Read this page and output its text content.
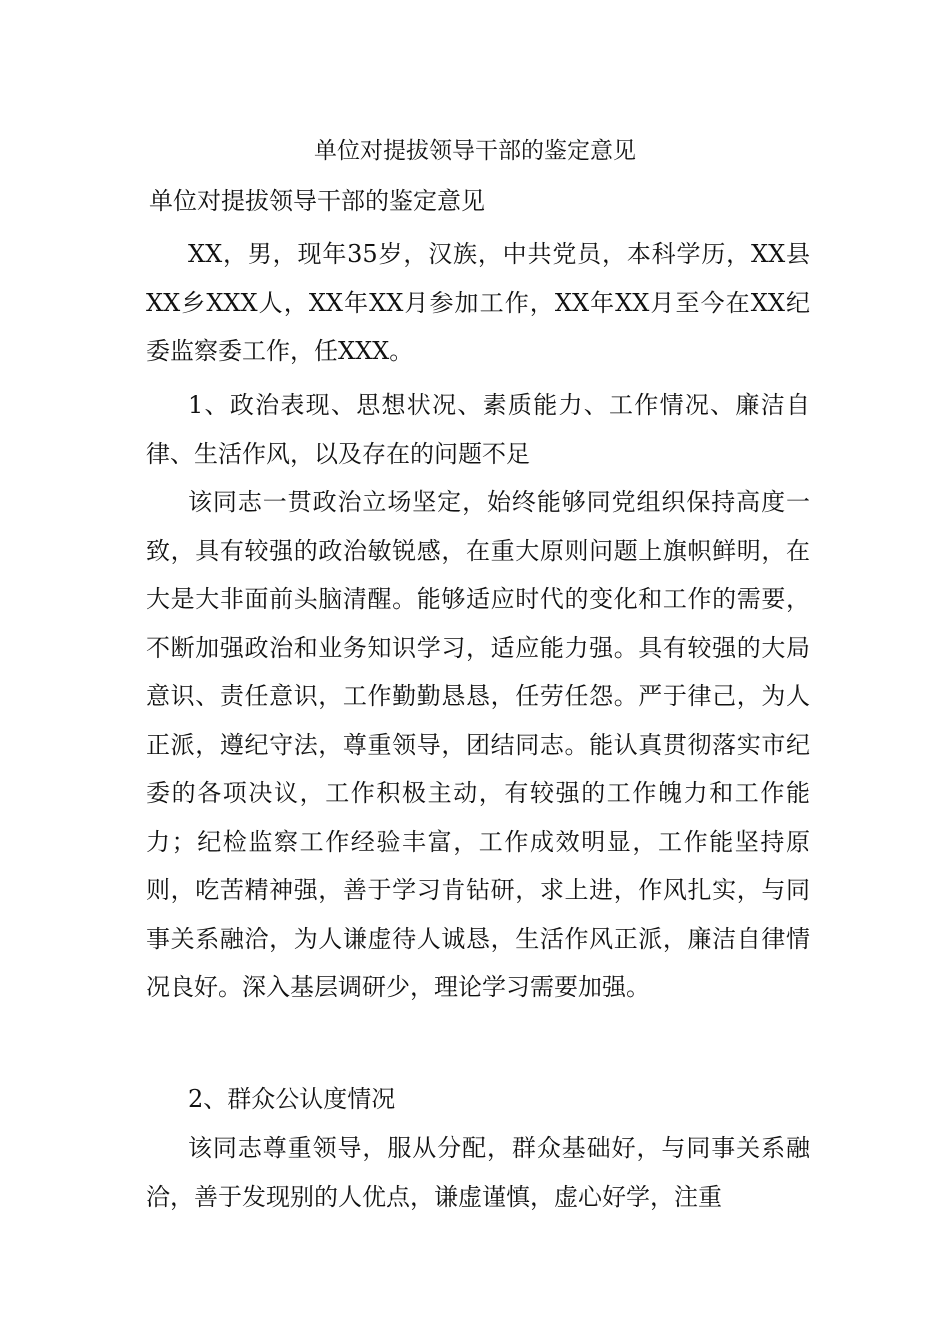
单位对提拔领导干部的鉴定意见
单位对提拔领导干部的鉴定意见

XX，男，现年35岁，汉族，中共党员，本科学历，XX县XX乡XXX人，XX年XX月参加工作，XX年XX月至今在XX纪委监察委工作，任XXX。

1、政治表现、思想状况、素质能力、工作情况、廉洁自律、生活作风，以及存在的问题不足

该同志一贯政治立场坚定，始终能够同党组织保持高度一致，具有较强的政治敏锐感，在重大原则问题上旗帜鲜明，在大是大非面前头脑清醒。能够适应时代的变化和工作的需要，不断加强政治和业务知识学习，适应能力强。具有较强的大局意识、责任意识，工作勤勤恳恳，任劳任怨。严于律己，为人正派，遵纪守法，尊重领导，团结同志。能认真贯彻落实市纪委的各项决议，工作积极主动，有较强的工作魄力和工作能力；纪检监察工作经验丰富，工作成效明显，工作能坚持原则，吃苦精神强，善于学习肯钻研，求上进，作风扎实，与同事关系融洽，为人谦虚待人诚恳，生活作风正派，廉洁自律情况良好。深入基层调研少，理论学习需要加强。

2、群众公认度情况

该同志尊重领导，服从分配，群众基础好，与同事关系融洽，善于发现别的人优点，谦虚谨慎，虚心好学，注重
